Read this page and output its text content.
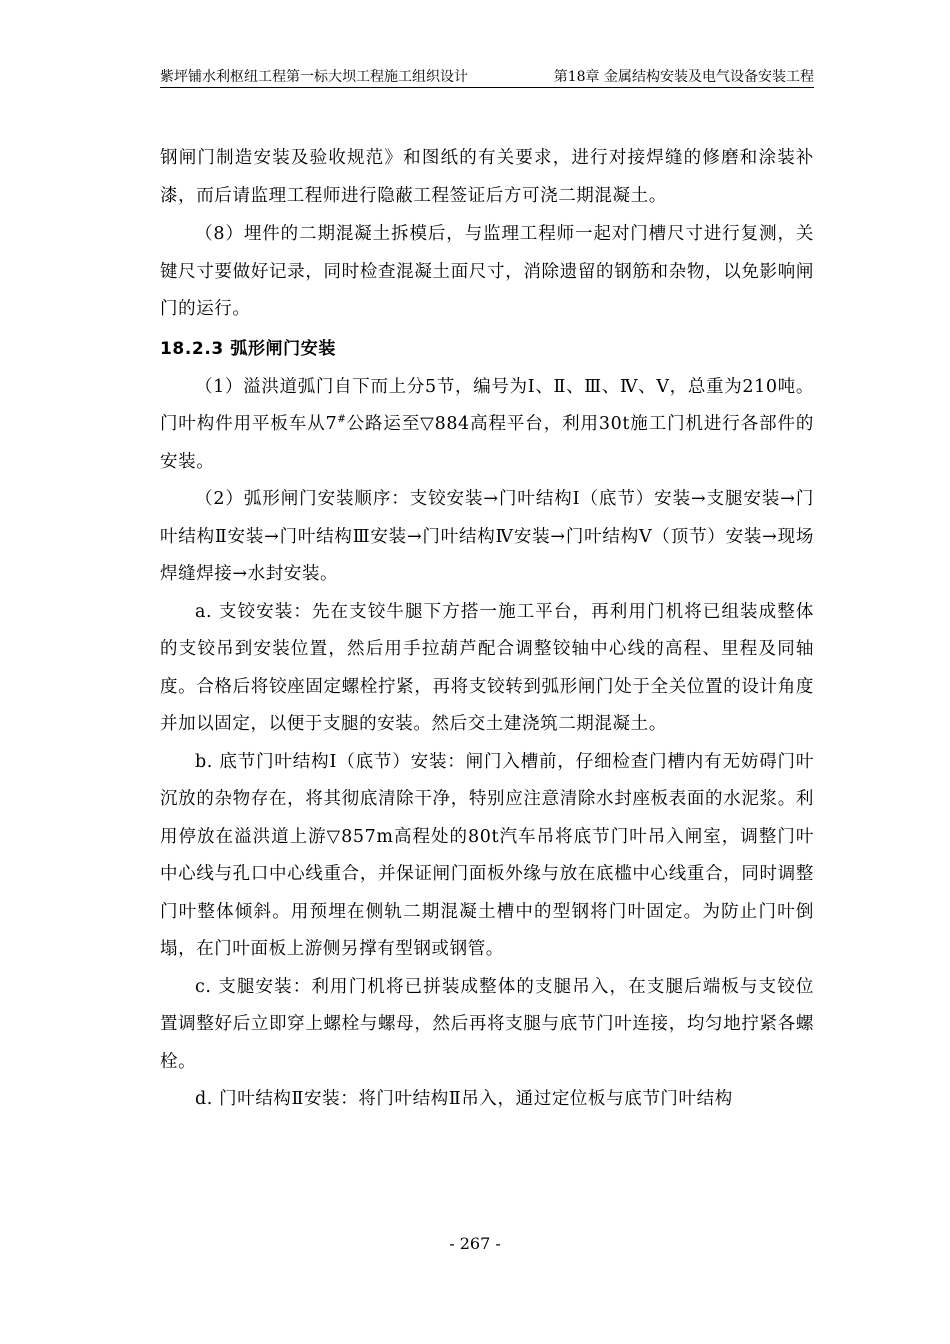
紫坪铺水利枢纽工程第一标大坝工程施工组织设计	第18章 金属结构安装及电气设备安装工程

钢闸门制造安装及验收规范》和图纸的有关要求，进行对接焊缝的修磨和涂装补漆，而后请监理工程师进行隐蔽工程签证后方可浇二期混凝土。

（8）埋件的二期混凝土拆模后，与监理工程师一起对门槽尺寸进行复测，关键尺寸要做好记录，同时检查混凝土面尺寸，消除遗留的钢筋和杂物，以免影响闸门的运行。

18.2.3 弧形闸门安装

（1）溢洪道弧门自下而上分5节，编号为Ⅰ、Ⅱ、Ⅲ、Ⅳ、Ⅴ，总重为210吨。门叶构件用平板车从7#公路运至▽884高程平台，利用30t施工门机进行各部件的安装。

（2）弧形闸门安装顺序：支铰安装→门叶结构Ⅰ（底节）安装→支腿安装→门叶结构Ⅱ安装→门叶结构Ⅲ安装→门叶结构Ⅳ安装→门叶结构Ⅴ（顶节）安装→现场焊缝焊接→水封安装。

a. 支铰安装：先在支铰牛腿下方搭一施工平台，再利用门机将已组装成整体的支铰吊到安装位置，然后用手拉葫芦配合调整铰轴中心线的高程、里程及同轴度。合格后将铰座固定螺栓拧紧，再将支铰转到弧形闸门处于全关位置的设计角度并加以固定，以便于支腿的安装。然后交土建浇筑二期混凝土。

b. 底节门叶结构Ⅰ（底节）安装：闸门入槽前，仔细检查门槽内有无妨碍门叶沉放的杂物存在，将其彻底清除干净，特别应注意清除水封座板表面的水泥浆。利用停放在溢洪道上游▽857m高程处的80t汽车吊将底节门叶吊入闸室，调整门叶中心线与孔口中心线重合，并保证闸门面板外缘与放在底槛中心线重合，同时调整门叶整体倾斜。用预埋在侧轨二期混凝土槽中的型钢将门叶固定。为防止门叶倒塌，在门叶面板上游侧另撑有型钢或钢管。

c. 支腿安装：利用门机将已拼装成整体的支腿吊入，在支腿后端板与支铰位置调整好后立即穿上螺栓与螺母，然后再将支腿与底节门叶连接，均匀地拧紧各螺栓。

d. 门叶结构Ⅱ安装：将门叶结构Ⅱ吊入，通过定位板与底节门叶结构

- 267 -
